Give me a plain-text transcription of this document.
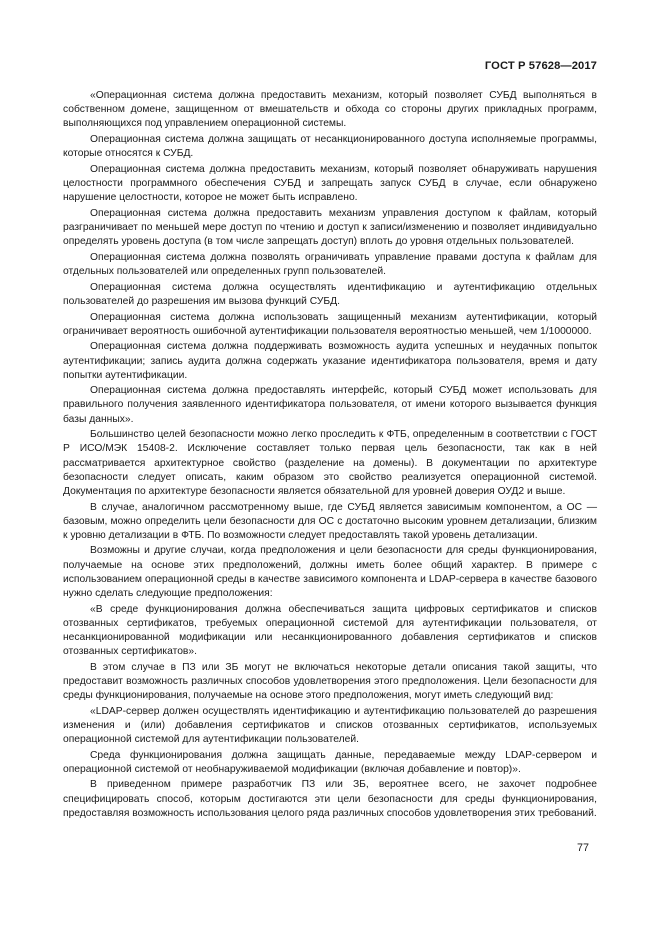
ГОСТ Р 57628—2017

«Операционная система должна предоставить механизм, который позволяет СУБД выполняться в собственном домене, защищенном от вмешательств и обхода со стороны других прикладных программ, выполняющихся под управлением операционной системы.

Операционная система должна защищать от несанкционированного доступа исполняемые программы, которые относятся к СУБД.

Операционная система должна предоставить механизм, который позволяет обнаруживать нарушения целостности программного обеспечения СУБД и запрещать запуск СУБД в случае, если обнаружено нарушение целостности, которое не может быть исправлено.

Операционная система должна предоставить механизм управления доступом к файлам, который разграничивает по меньшей мере доступ по чтению и доступ к записи/изменению и позволяет индивидуально определять уровень доступа (в том числе запрещать доступ) вплоть до уровня отдельных пользователей.

Операционная система должна позволять ограничивать управление правами доступа к файлам для отдельных пользователей или определенных групп пользователей.

Операционная система должна осуществлять идентификацию и аутентификацию отдельных пользователей до разрешения им вызова функций СУБД.

Операционная система должна использовать защищенный механизм аутентификации, который ограничивает вероятность ошибочной аутентификации пользователя вероятностью меньшей, чем 1/1000000.

Операционная система должна поддерживать возможность аудита успешных и неудачных попыток аутентификации; запись аудита должна содержать указание идентификатора пользователя, время и дату попытки аутентификации.

Операционная система должна предоставлять интерфейс, который СУБД может использовать для правильного получения заявленного идентификатора пользователя, от имени которого вызывается функция базы данных».

Большинство целей безопасности можно легко проследить к ФТБ, определенным в соответствии с ГОСТ Р ИСО/МЭК 15408-2. Исключение составляет только первая цель безопасности, так как в ней рассматривается архитектурное свойство (разделение на домены). В документации по архитектуре безопасности следует описать, каким образом это свойство реализуется операционной системой. Документация по архитектуре безопасности является обязательной для уровней доверия ОУД2 и выше.

В случае, аналогичном рассмотренному выше, где СУБД является зависимым компонентом, а ОС — базовым, можно определить цели безопасности для ОС с достаточно высоким уровнем детализации, близким к уровню детализации в ФТБ. По возможности следует предоставлять такой уровень детализации.

Возможны и другие случаи, когда предположения и цели безопасности для среды функционирования, получаемые на основе этих предположений, должны иметь более общий характер. В примере с использованием операционной среды в качестве зависимого компонента и LDAP-сервера в качестве базового нужно сделать следующие предположения:

«В среде функционирования должна обеспечиваться защита цифровых сертификатов и списков отозванных сертификатов, требуемых операционной системой для аутентификации пользователя, от несанкционированной модификации или несанкционированного добавления сертификатов и списков отозванных сертификатов».

В этом случае в ПЗ или ЗБ могут не включаться некоторые детали описания такой защиты, что предоставит возможность различных способов удовлетворения этого предположения. Цели безопасности для среды функционирования, получаемые на основе этого предположения, могут иметь следующий вид:

«LDAP-сервер должен осуществлять идентификацию и аутентификацию пользователей до разрешения изменения и (или) добавления сертификатов и списков отозванных сертификатов, используемых операционной системой для аутентификации пользователей.

Среда функционирования должна защищать данные, передаваемые между LDAP-сервером и операционной системой от необнаруживаемой модификации (включая добавление и повтор)».

В приведенном примере разработчик ПЗ или ЗБ, вероятнее всего, не захочет подробнее специфицировать способ, которым достигаются эти цели безопасности для среды функционирования, предоставляя возможность использования целого ряда различных способов удовлетворения этих требований.

77
